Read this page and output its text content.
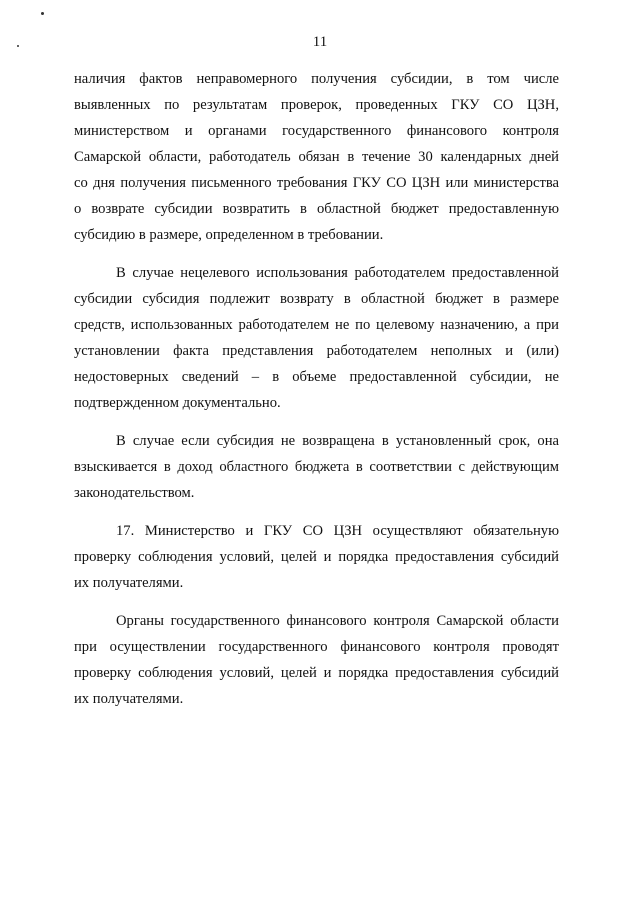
11

наличия фактов неправомерного получения субсидии, в том числе
выявленных по результатам проверок, проведенных ГКУ СО ЦЗН,
министерством и органами государственного финансового контроля
Самарской области, работодатель обязан в течение 30 календарных дней
со дня получения письменного требования ГКУ СО ЦЗН или министерства
о возврате субсидии возвратить в областной бюджет предоставленную
субсидию в размере, определенном в требовании.

В случае нецелевого использования работодателем предоставленной
субсидии субсидия подлежит возврату в областной бюджет в размере
средств, использованных работодателем не по целевому назначению, а при
установлении факта представления работодателем неполных и (или)
недостоверных сведений – в объеме предоставленной субсидии, не
подтвержденном документально.

В случае если субсидия не возвращена в установленный срок, она
взыскивается в доход областного бюджета в соответствии с действующим
законодательством.

17. Министерство и ГКУ СО ЦЗН осуществляют обязательную
проверку соблюдения условий, целей и порядка предоставления субсидий
их получателями.

Органы государственного финансового контроля Самарской области
при осуществлении государственного финансового контроля проводят
проверку соблюдения условий, целей и порядка предоставления субсидий
их получателями.
